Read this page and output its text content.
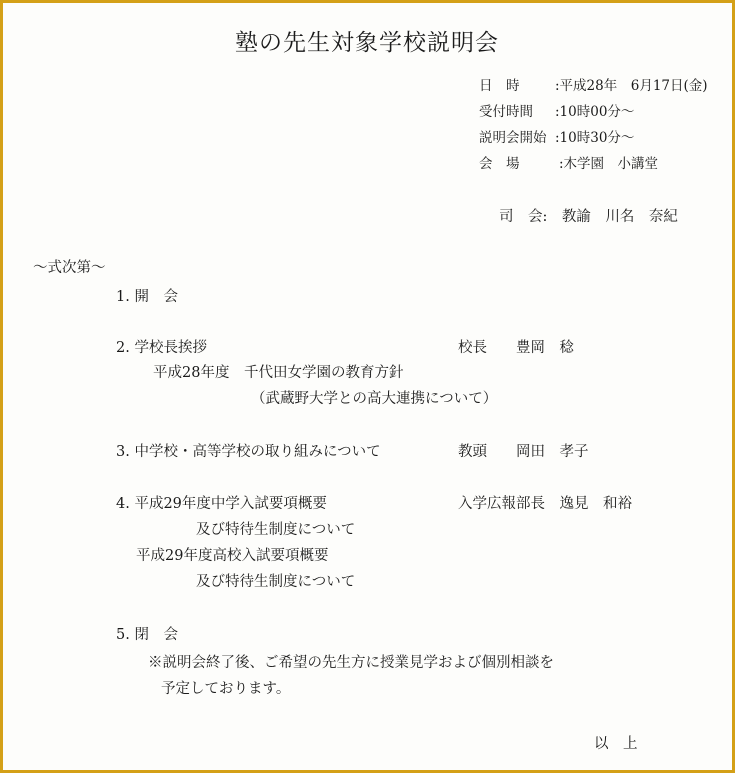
塾の先生対象学校説明会
日　時	:平成28年　6月17日(金)
受付時間 :10時00分～
説明会開始 :10時30分～
会　場	:木学園　小講堂
司　会:　教諭　川名　奈紀
～式次第～
1. 開　会
2. 学校長挨拶	校長　　豊岡　稔
平成28年度　千代田女学園の教育方針
（武蔵野大学との高大連携について）
3. 中学校・高等学校の取り組みについて	教頭　　岡田　孝子
4. 平成29年度中学入試要項概要	入学広報部長　逸見　和裕
及び特待生制度について
平成29年度高校入試要項概要
及び特待生制度について
5. 閉　会
※説明会終了後、ご希望の先生方に授業見学および個別相談を
予定しております。
以　上
